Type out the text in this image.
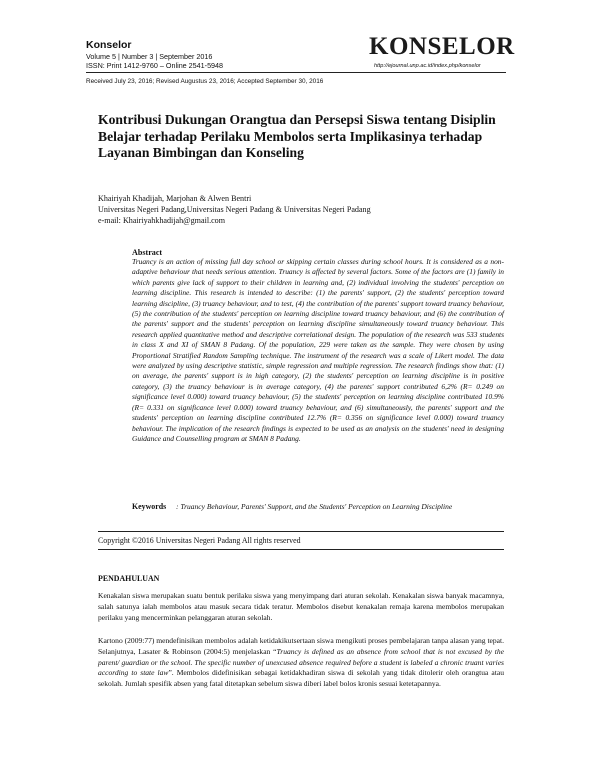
Konselor
Volume 5 | Number 3 | September 2016
ISSN: Print 1412-9760 – Online 2541-5948
KONSELOR
http://ejournal.unp.ac.id/index.php/konselor
Received July 23, 2016; Revised Augustus 23, 2016; Accepted September 30, 2016
Kontribusi Dukungan Orangtua dan Persepsi Siswa tentang Disiplin Belajar terhadap Perilaku Membolos serta Implikasinya terhadap Layanan Bimbingan dan Konseling
Khairiyah Khadijah, Marjohan & Alwen Bentri
Universitas Negeri Padang,Universitas Negeri Padang & Universitas Negeri Padang
e-mail: Khairiyahkhadijah@gmail.com
Abstract
Truancy is an action of missing full day school or skipping certain classes during school hours. It is considered as a non-adaptive behaviour that needs serious attention. Truancy is affected by several factors. Some of the factors are (1) family in which parents give lack of support to their children in learning and, (2) individual involving the students' perception on learning discipline. This research is intended to describe: (1) the parents' support, (2) the students' perception toward learning discipline, (3) truancy behaviour, and to test, (4) the contribution of the parents' support toward truancy behaviour, (5) the contribution of the students' perception on learning discipline toward truancy behaviour, and (6) the contribution of the parents' support and the students' perception on learning discipline simultaneously toward truancy behaviour. This research applied quantitative method and descriptive correlational design. The population of the research was 533 students in class X and XI of SMAN 8 Padang. Of the population, 229 were taken as the sample. They were chosen by using Proportional Stratified Random Sampling technique. The instrument of the research was a scale of Likert model. The data were analyzed by using descriptive statistic, simple regression and multiple regression. The research findings show that: (1) on average, the parents' support is in high category, (2) the students' perception on learning discipline is in positive category, (3) the truancy behaviour is in average category, (4) the parents' support contributed 6,2% (R= 0.249 on significance level 0.000) toward truancy behaviour, (5) the students' perception on learning discipline contributed 10.9% (R= 0.331 on significance level 0.000) toward truancy behaviour, and (6) simultaneously, the parents' support and the students' perception on learning discipline contributed 12.7% (R= 0.356 on significance level 0.000) toward truancy behaviour. The implication of the research findings is expected to be used as an analysis on the students' need in designing Guidance and Counselling program at SMAN 8 Padang.
Keywords : Truancy Behaviour, Parents' Support, and the Students' Perception on Learning Discipline
Copyright ©2016 Universitas Negeri Padang All rights reserved
PENDAHULUAN
Kenakalan siswa merupakan suatu bentuk perilaku siswa yang menyimpang dari aturan sekolah. Kenakalan siswa banyak macamnya, salah satunya ialah membolos atau masuk secara tidak teratur. Membolos disebut kenakalan remaja karena membolos merupakan perilaku yang mencerminkan pelanggaran aturan sekolah.
Kartono (2009:77) mendefinisikan membolos adalah ketidakikutsertaan siswa mengikuti proses pembelajaran tanpa alasan yang tepat. Selanjutnya, Lasater & Robinson (2004:5) menjelaskan “Truancy is defined as an absence from school that is not excused by the parent/ guardian or the school. The specific number of unexcused absence required before a student is labeled a chronic truant varies according to state law”. Membolos didefinisikan sebagai ketidakhadiran siswa di sekolah yang tidak ditolerir oleh orangtua atau sekolah. Jumlah spesifik absen yang fatal ditetapkan sebelum siswa diberi label bolos kronis sesuai ketetapannya.
